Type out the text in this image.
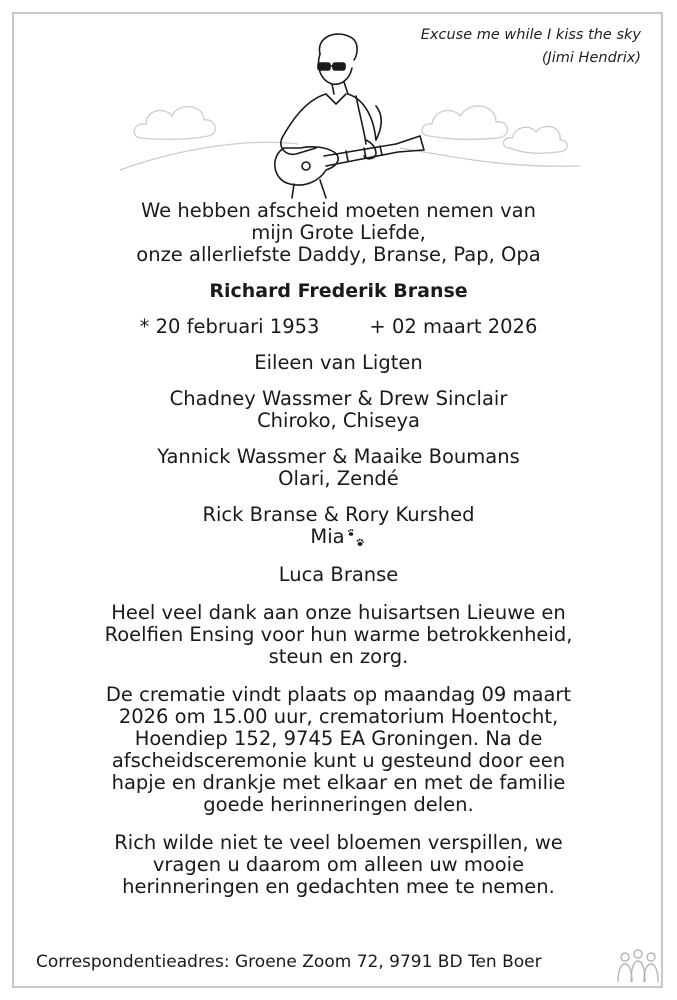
Excuse me while I kiss the sky
(Jimi Hendrix)

We hebben afscheid moeten nemen van

mijn Grote Liefde,

onze allerliefste Daddy, Branse, Pap, Opa

Richard Frederik Branse

* 20 februari 1953	+ 02 maart 2026

Eileen van Ligten

Chadney Wassmer & Drew Sinclair

Chiroko, Chiseya

Yannick Wassmer & Maaike Boumans

Olari, Zendé

Rick Branse & Rory Kurshed

Mia

Luca Branse

Heel veel dank aan onze huisartsen Lieuwe en

Roelfien Ensing voor hun warme betrokkenheid,

steun en zorg.

De crematie vindt plaats op maandag 09 maart

2026 om 15.00 uur, crematorium Hoentocht,

Hoendiep 152, 9745 EA Groningen. Na de

afscheidsceremonie kunt u gesteund door een

hapje en drankje met elkaar en met de familie

goede herinneringen delen.

Rich wilde niet te veel bloemen verspillen, we

vragen u daarom om alleen uw mooie

herinneringen en gedachten mee te nemen.

Correspondentieadres: Groene Zoom 72, 9791 BD Ten Boer
